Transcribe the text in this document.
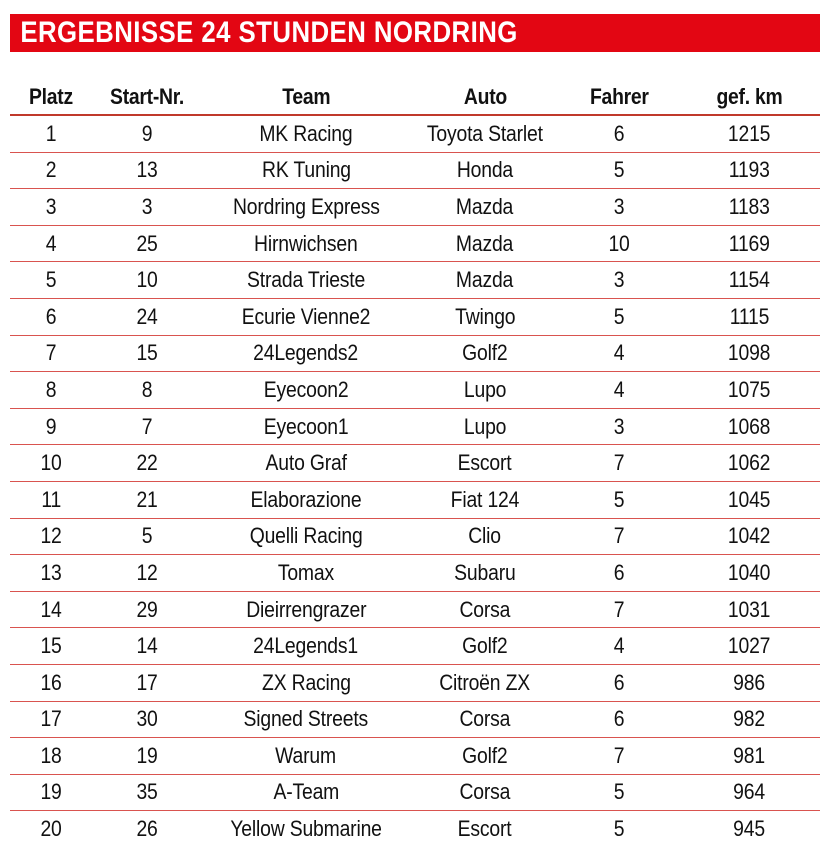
ERGEBNISSE 24 STUNDEN NORDRING
Platz	Start-Nr.	Team	Auto	Fahrer	gef. km
1	9	MK Racing	Toyota Starlet	6	1215
2	13	RK Tuning	Honda	5	1193
3	3	Nordring Express	Mazda	3	1183
4	25	Hirnwichsen	Mazda	10	1169
5	10	Strada Trieste	Mazda	3	1154
6	24	Ecurie Vienne2	Twingo	5	1115
7	15	24Legends2	Golf2	4	1098
8	8	Eyecoon2	Lupo	4	1075
9	7	Eyecoon1	Lupo	3	1068
10	22	Auto Graf	Escort	7	1062
11	21	Elaborazione	Fiat 124	5	1045
12	5	Quelli Racing	Clio	7	1042
13	12	Tomax	Subaru	6	1040
14	29	Dieirrengrazer	Corsa	7	1031
15	14	24Legends1	Golf2	4	1027
16	17	ZX Racing	Citroën ZX	6	986
17	30	Signed Streets	Corsa	6	982
18	19	Warum	Golf2	7	981
19	35	A-Team	Corsa	5	964
20	26	Yellow Submarine	Escort	5	945
